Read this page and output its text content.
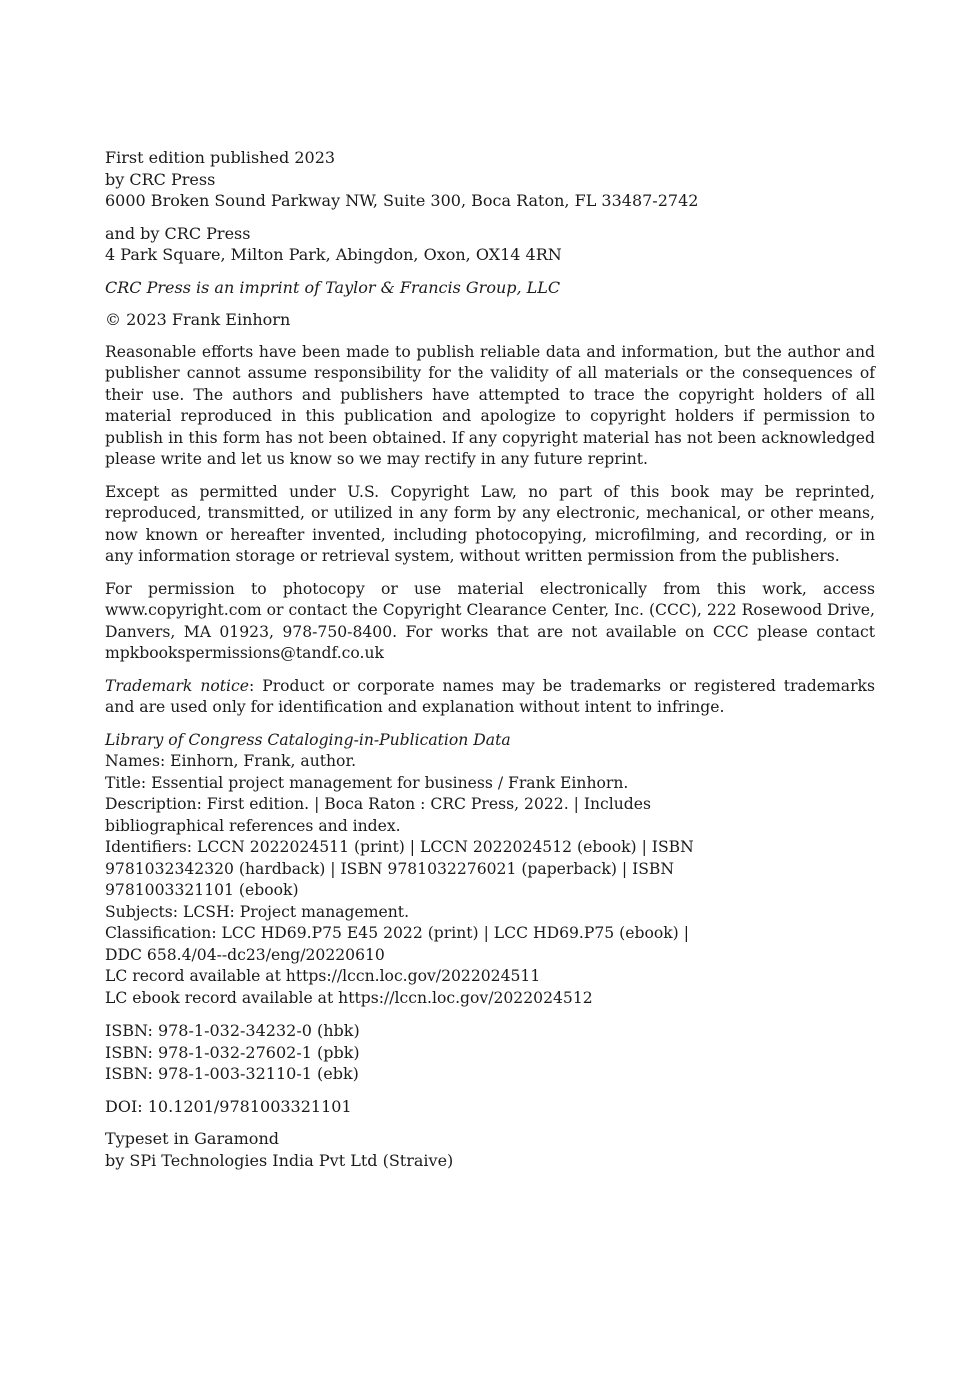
First edition published 2023
by CRC Press
6000 Broken Sound Parkway NW, Suite 300, Boca Raton, FL 33487-2742
and by CRC Press
4 Park Square, Milton Park, Abingdon, Oxon, OX14 4RN
CRC Press is an imprint of Taylor & Francis Group, LLC
© 2023 Frank Einhorn
Reasonable efforts have been made to publish reliable data and information, but the author and publisher cannot assume responsibility for the validity of all materials or the consequences of their use. The authors and publishers have attempted to trace the copyright holders of all material reproduced in this publication and apologize to copyright holders if permission to publish in this form has not been obtained. If any copyright material has not been acknowledged please write and let us know so we may rectify in any future reprint.
Except as permitted under U.S. Copyright Law, no part of this book may be reprinted, reproduced, transmitted, or utilized in any form by any electronic, mechanical, or other means, now known or hereafter invented, including photocopying, microfilming, and recording, or in any information storage or retrieval system, without written permission from the publishers.
For permission to photocopy or use material electronically from this work, access www.copyright.com or contact the Copyright Clearance Center, Inc. (CCC), 222 Rosewood Drive, Danvers, MA 01923, 978-750-8400. For works that are not available on CCC please contact mpkbookspermissions@tandf.co.uk
Trademark notice: Product or corporate names may be trademarks or registered trademarks and are used only for identification and explanation without intent to infringe.
Library of Congress Cataloging-in-Publication Data
Names: Einhorn, Frank, author.
Title: Essential project management for business / Frank Einhorn.
Description: First edition. | Boca Raton : CRC Press, 2022. | Includes
bibliographical references and index.
Identifiers: LCCN 2022024511 (print) | LCCN 2022024512 (ebook) | ISBN
9781032342320 (hardback) | ISBN 9781032276021 (paperback) | ISBN
9781003321101 (ebook)
Subjects: LCSH: Project management.
Classification: LCC HD69.P75 E45 2022 (print) | LCC HD69.P75 (ebook) |
DDC 658.4/04--dc23/eng/20220610
LC record available at https://lccn.loc.gov/2022024511
LC ebook record available at https://lccn.loc.gov/2022024512
ISBN: 978-1-032-34232-0 (hbk)
ISBN: 978-1-032-27602-1 (pbk)
ISBN: 978-1-003-32110-1 (ebk)
DOI: 10.1201/9781003321101
Typeset in Garamond
by SPi Technologies India Pvt Ltd (Straive)
